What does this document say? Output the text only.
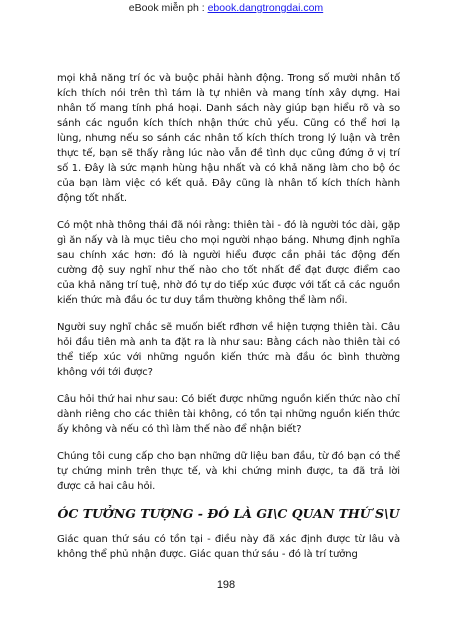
eBook miễn ph : ebook.dangtrongdai.com

mọi khả năng trí óc và buộc phải hành động. Trong số mười nhân tố kích thích nói trên thì tám là tự nhiên và mang tính xây dựng. Hai nhân tố mang tính phá hoại. Danh sách này giúp bạn hiểu rõ và so sánh các nguồn kích thích nhận thức chủ yếu. Cũng có thể hơi lạ lùng, nhưng nếu so sánh các nhân tố kích thích trong lý luận và trên thực tế, bạn sẽ thấy rằng lúc nào vẫn đề tình dục cũng đứng ở vị trí số 1. Đây là sức mạnh hùng hậu nhất và có khả năng làm cho bộ óc của bạn làm việc có kết quả. Đây cũng là nhân tố kích thích hành động tốt nhất.

Có một nhà thông thái đã nói rằng: thiên tài - đó là người tóc dài, gặp gì ăn nấy và là mục tiêu cho mọi người nhạo báng. Nhưng định nghĩa sau chính xác hơn: đó là người hiểu được cần phải tác động đến cường độ suy nghĩ như thế nào cho tốt nhất để đạt được điểm cao của khả năng trí tuệ, nhờ đó tự do tiếp xúc được với tất cả các nguồn kiến thức mà đầu óc tư duy tầm thường không thể làm nổi.

Người suy nghĩ chắc sẽ muốn biết rđhơn về hiện tượng thiên tài. Câu hỏi đầu tiên mà anh ta đặt ra là như sau: Bằng cách nào thiên tài có thể tiếp xúc với những nguồn kiến thức mà đầu óc bình thường không với tới được?

Câu hỏi thứ hai như sau: Có biết được những nguồn kiến thức nào chỉ dành riêng cho các thiên tài không, có tồn tại những nguồn kiến thức ấy không và nếu có thì làm thế nào để nhận biết?

Chúng tôi cung cấp cho bạn những dữ liệu ban đầu, từ đó bạn có thể tự chứng minh trên thực tế, và khi chứng minh được, ta đã trả lời được cả hai câu hỏi.

ÓC TƯỞNG TƯỢNG - ĐÓ LÀ GI\C QUAN THỨ S\U

Giác quan thứ sáu có tồn tại - điều này đã xác định được từ lâu và không thể phủ nhận được. Giác quan thứ sáu - đó là trí tưởng

198
